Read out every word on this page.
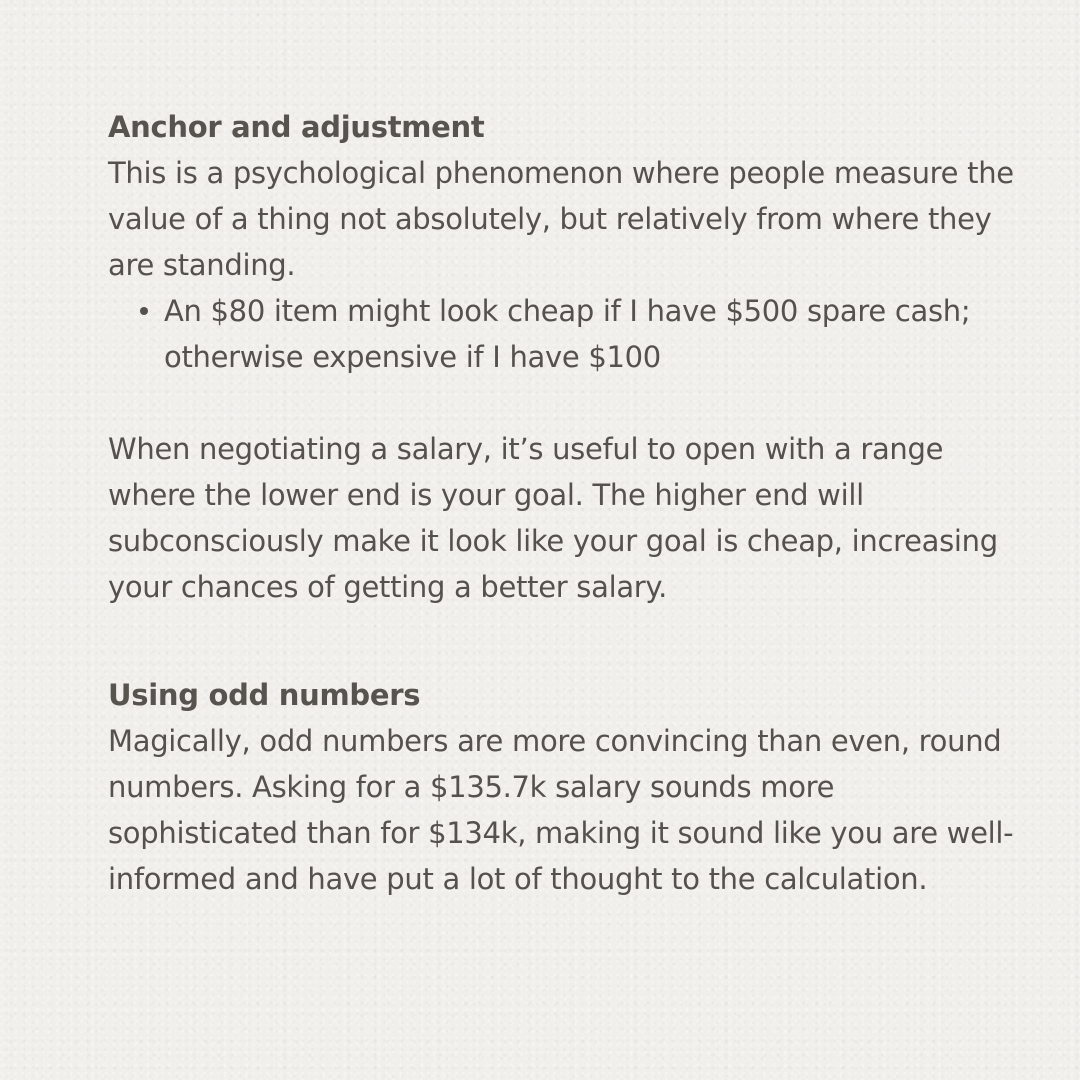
Anchor and adjustment

This is a psychological phenomenon where people measure the value of a thing not absolutely, but relatively from where they are standing.

An $80 item might look cheap if I have $500 spare cash; otherwise expensive if I have $100

When negotiating a salary, it’s useful to open with a range where the lower end is your goal. The higher end will subconsciously make it look like your goal is cheap, increasing your chances of getting a better salary.

Using odd numbers

Magically, odd numbers are more convincing than even, round numbers. Asking for a $135.7k salary sounds more sophisticated than for $134k, making it sound like you are well-informed and have put a lot of thought to the calculation.
